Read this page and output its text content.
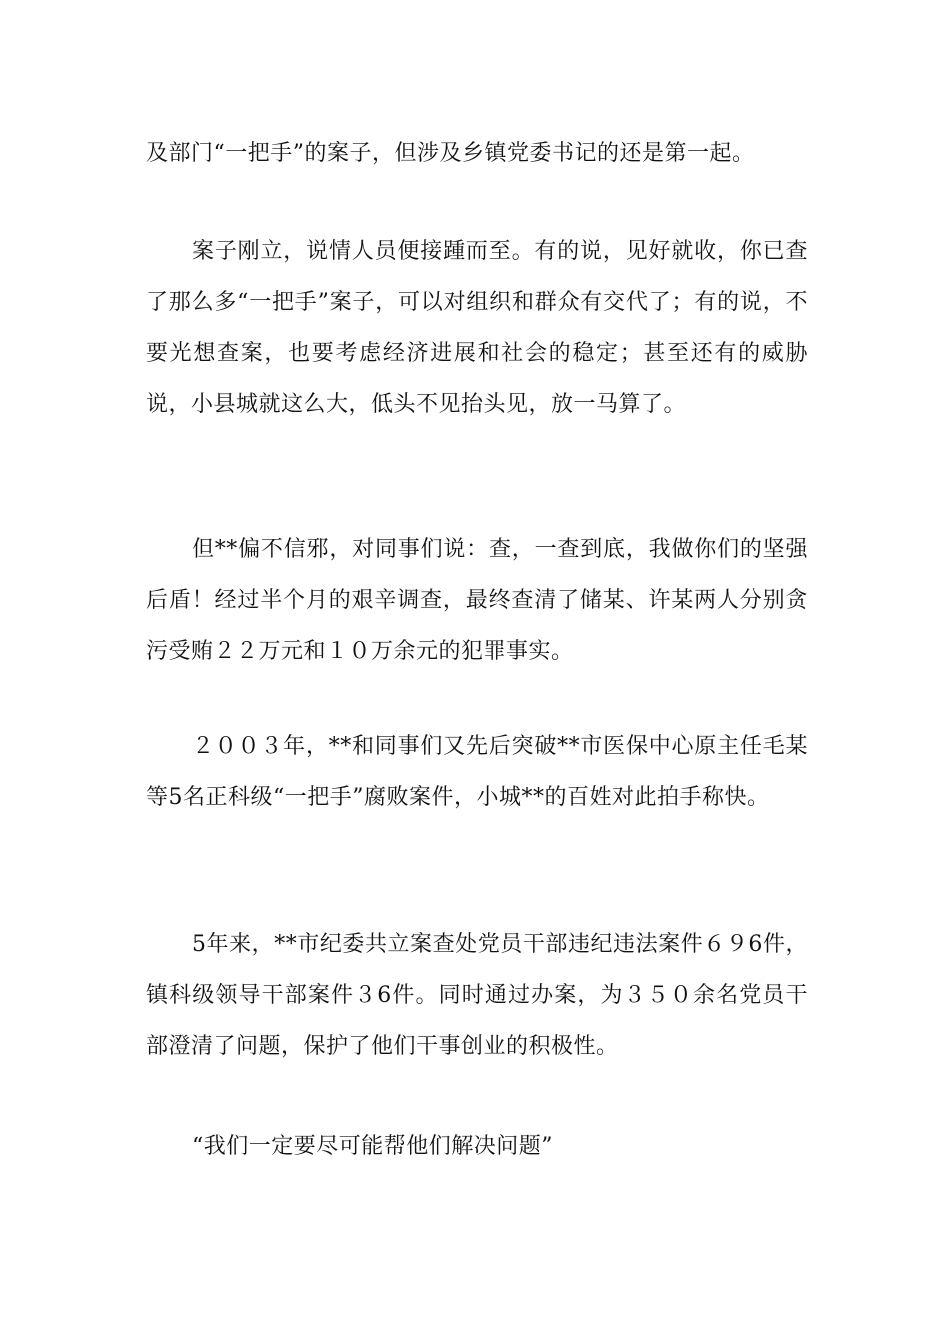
及部门“一把手”的案子，但涉及乡镇党委书记的还是第一起。

案子刚立，说情人员便接踵而至。有的说，见好就收，你已查了那么多“一把手”案子，可以对组织和群众有交代了；有的说，不要光想查案，也要考虑经济进展和社会的稳定；甚至还有的威胁说，小县城就这么大，低头不见抬头见，放一马算了。

但**偏不信邪，对同事们说：查，一查到底，我做你们的坚强后盾！经过半个月的艰辛调查，最终查清了储某、许某两人分别贪污受贿２２万元和１０万余元的犯罪事实。

２００３年，**和同事们又先后突破**市医保中心原主任毛某等5名正科级“一把手”腐败案件，小城**的百姓对此拍手称快。

5年来，**市纪委共立案查处党员干部违纪违法案件６９6件，镇科级领导干部案件３6件。同时通过办案，为３５０余名党员干部澄清了问题，保护了他们干事创业的积极性。

“我们一定要尽可能帮他们解决问题”
